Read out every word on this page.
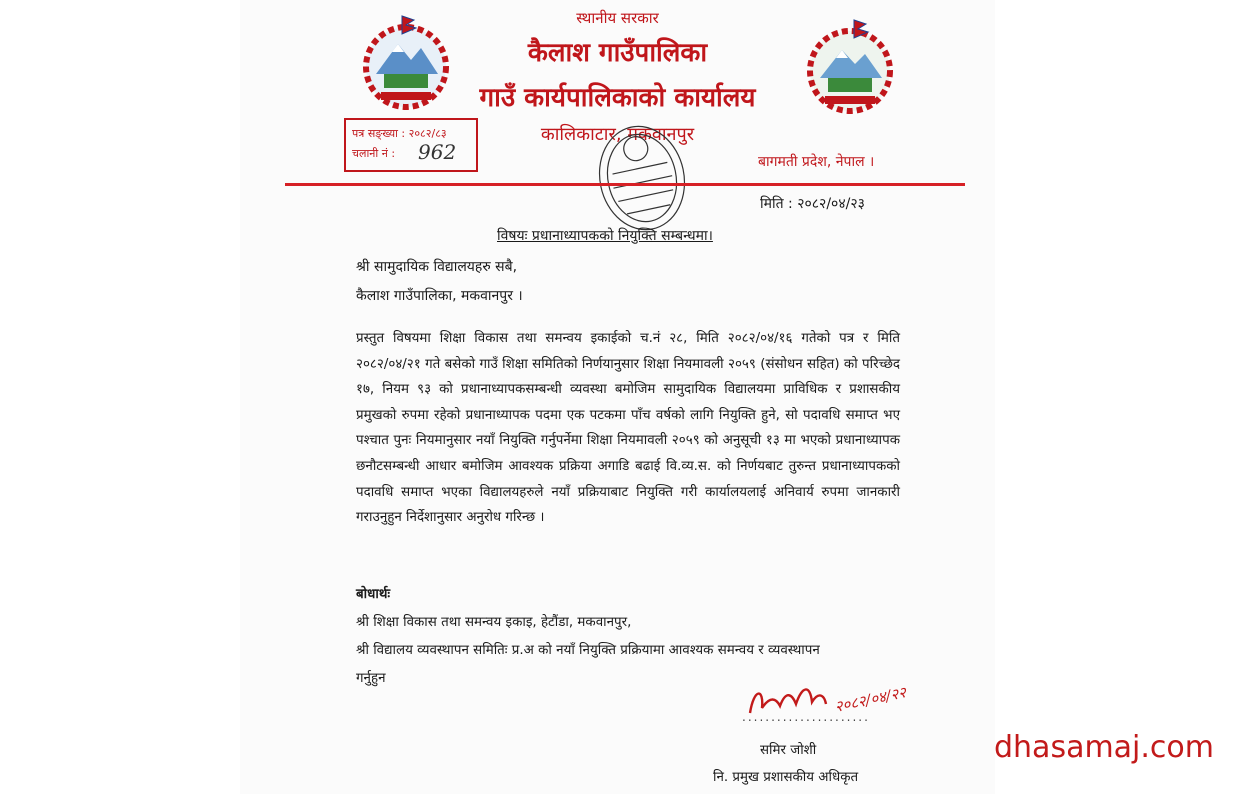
स्थानीय सरकार
कैलाश गाउँपालिका
गाउँ कार्यपालिकाको कार्यालय
कालिकाटार, मकवानपुर
पत्र सङ्ख्या : २०८२/८३
चलानी नं : 962	बागमती प्रदेश, नेपाल ।
मिति : २०८२/०४/२३
विषयः प्रधानाध्यापकको नियुक्ति सम्बन्धमा।
श्री सामुदायिक विद्यालयहरु सबै,
कैलाश गाउँपालिका, मकवानपुर ।
प्रस्तुत विषयमा शिक्षा विकास तथा समन्वय इकाईको च.नं २८, मिति २०८२/०४/१६ गतेको पत्र र मिति २०८२/०४/२१ गते बसेको गाउँ शिक्षा समितिको निर्णयानुसार शिक्षा नियमावली २०५९ (संसोधन सहित) को परिच्छेद १७, नियम ९३ को प्रधानाध्यापकसम्बन्धी व्यवस्था बमोजिम सामुदायिक विद्यालयमा प्राविधिक र प्रशासकीय प्रमुखको रुपमा रहेको प्रधानाध्यापक पदमा एक पटकमा पाँच वर्षको लागि नियुक्ति हुने, सो पदावधि समाप्त भए पश्चात पुनः नियमानुसार नयाँ नियुक्ति गर्नुपर्नेमा शिक्षा नियमावली २०५९ को अनुसूची १३ मा भएको प्रधानाध्यापक छनौटसम्बन्धी आधार बमोजिम आवश्यक प्रक्रिया अगाडि बढाई वि.व्य.स. को निर्णयबाट तुरुन्त प्रधानाध्यापकको पदावधि समाप्त भएका विद्यालयहरुले नयाँ प्रक्रियाबाट नियुक्ति गरी कार्यालयलाई अनिवार्य रुपमा जानकारी गराउनुहुन निर्देशानुसार अनुरोध गरिन्छ ।
बोधार्थः
श्री शिक्षा विकास तथा समन्वय इकाइ, हेटौंडा, मकवानपुर,
श्री विद्यालय व्यवस्थापन समितिः प्र.अ को नयाँ नियुक्ति प्रक्रियामा आवश्यक समन्वय र व्यवस्थापन
गर्नुहुन
२०८२/०४/२२
......................
समिर जोशी
नि. प्रमुख प्रशासकीय अधिकृत
dhasamaj.com
